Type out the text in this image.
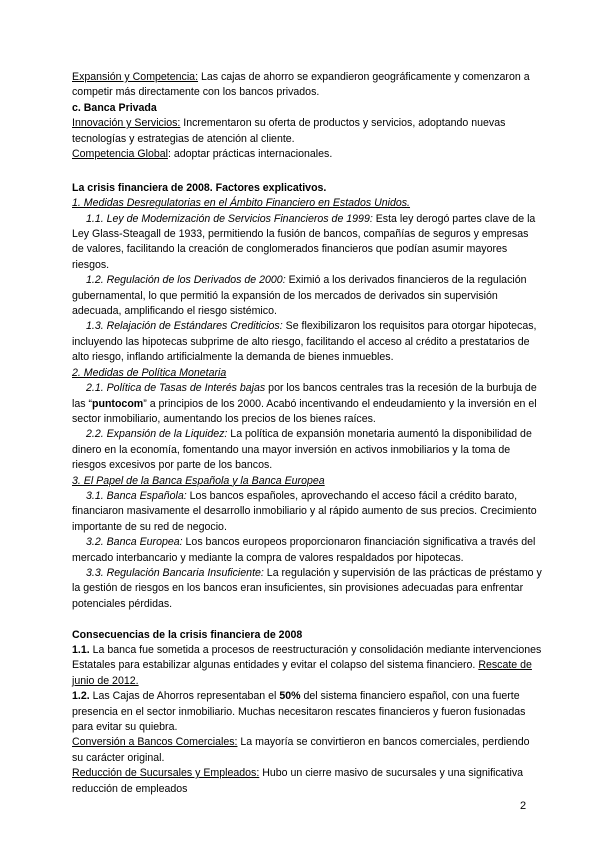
Expansión y Competencia: Las cajas de ahorro se expandieron geográficamente y comenzaron a competir más directamente con los bancos privados.

c. Banca Privada

Innovación y Servicios: Incrementaron su oferta de productos y servicios, adoptando nuevas tecnologías y estrategias de atención al cliente.

Competencia Global: adoptar prácticas internacionales.

La crisis financiera de 2008. Factores explicativos.

1. Medidas Desregulatorias en el Ámbito Financiero en Estados Unidos.

1.1. Ley de Modernización de Servicios Financieros de 1999: Esta ley derogó partes clave de la Ley Glass-Steagall de 1933, permitiendo la fusión de bancos, compañías de seguros y empresas de valores, facilitando la creación de conglomerados financieros que podían asumir mayores riesgos.

1.2. Regulación de los Derivados de 2000: Eximió a los derivados financieros de la regulación gubernamental, lo que permitió la expansión de los mercados de derivados sin supervisión adecuada, amplificando el riesgo sistémico.

1.3. Relajación de Estándares Crediticios: Se flexibilizaron los requisitos para otorgar hipotecas, incluyendo las hipotecas subprime de alto riesgo, facilitando el acceso al crédito a prestatarios de alto riesgo, inflando artificialmente la demanda de bienes inmuebles.

2. Medidas de Política Monetaria

2.1. Política de Tasas de Interés bajas por los bancos centrales tras la recesión de la burbuja de las “puntocom” a principios de los 2000. Acabó incentivando el endeudamiento y la inversión en el sector inmobiliario, aumentando los precios de los bienes raíces.

2.2. Expansión de la Liquidez: La política de expansión monetaria aumentó la disponibilidad de dinero en la economía, fomentando una mayor inversión en activos inmobiliarios y la toma de riesgos excesivos por parte de los bancos.

3. El Papel de la Banca Española y la Banca Europea

3.1. Banca Española: Los bancos españoles, aprovechando el acceso fácil a crédito barato, financiaron masivamente el desarrollo inmobiliario y al rápido aumento de sus precios. Crecimiento importante de su red de negocio.

3.2. Banca Europea: Los bancos europeos proporcionaron financiación significativa a través del mercado interbancario y mediante la compra de valores respaldados por hipotecas.

3.3. Regulación Bancaria Insuficiente: La regulación y supervisión de las prácticas de préstamo y la gestión de riesgos en los bancos eran insuficientes, sin provisiones adecuadas para enfrentar potenciales pérdidas.

Consecuencias de la crisis financiera de 2008

1.1. La banca fue sometida a procesos de reestructuración y consolidación mediante intervenciones Estatales para estabilizar algunas entidades y evitar el colapso del sistema financiero. Rescate de junio de 2012.

1.2. Las Cajas de Ahorros representaban el 50% del sistema financiero español, con una fuerte presencia en el sector inmobiliario. Muchas necesitaron rescates financieros y fueron fusionadas para evitar su quiebra.

Conversión a Bancos Comerciales: La mayoría se convirtieron en bancos comerciales, perdiendo su carácter original.

Reducción de Sucursales y Empleados: Hubo un cierre masivo de sucursales y una significativa reducción de empleados

2
